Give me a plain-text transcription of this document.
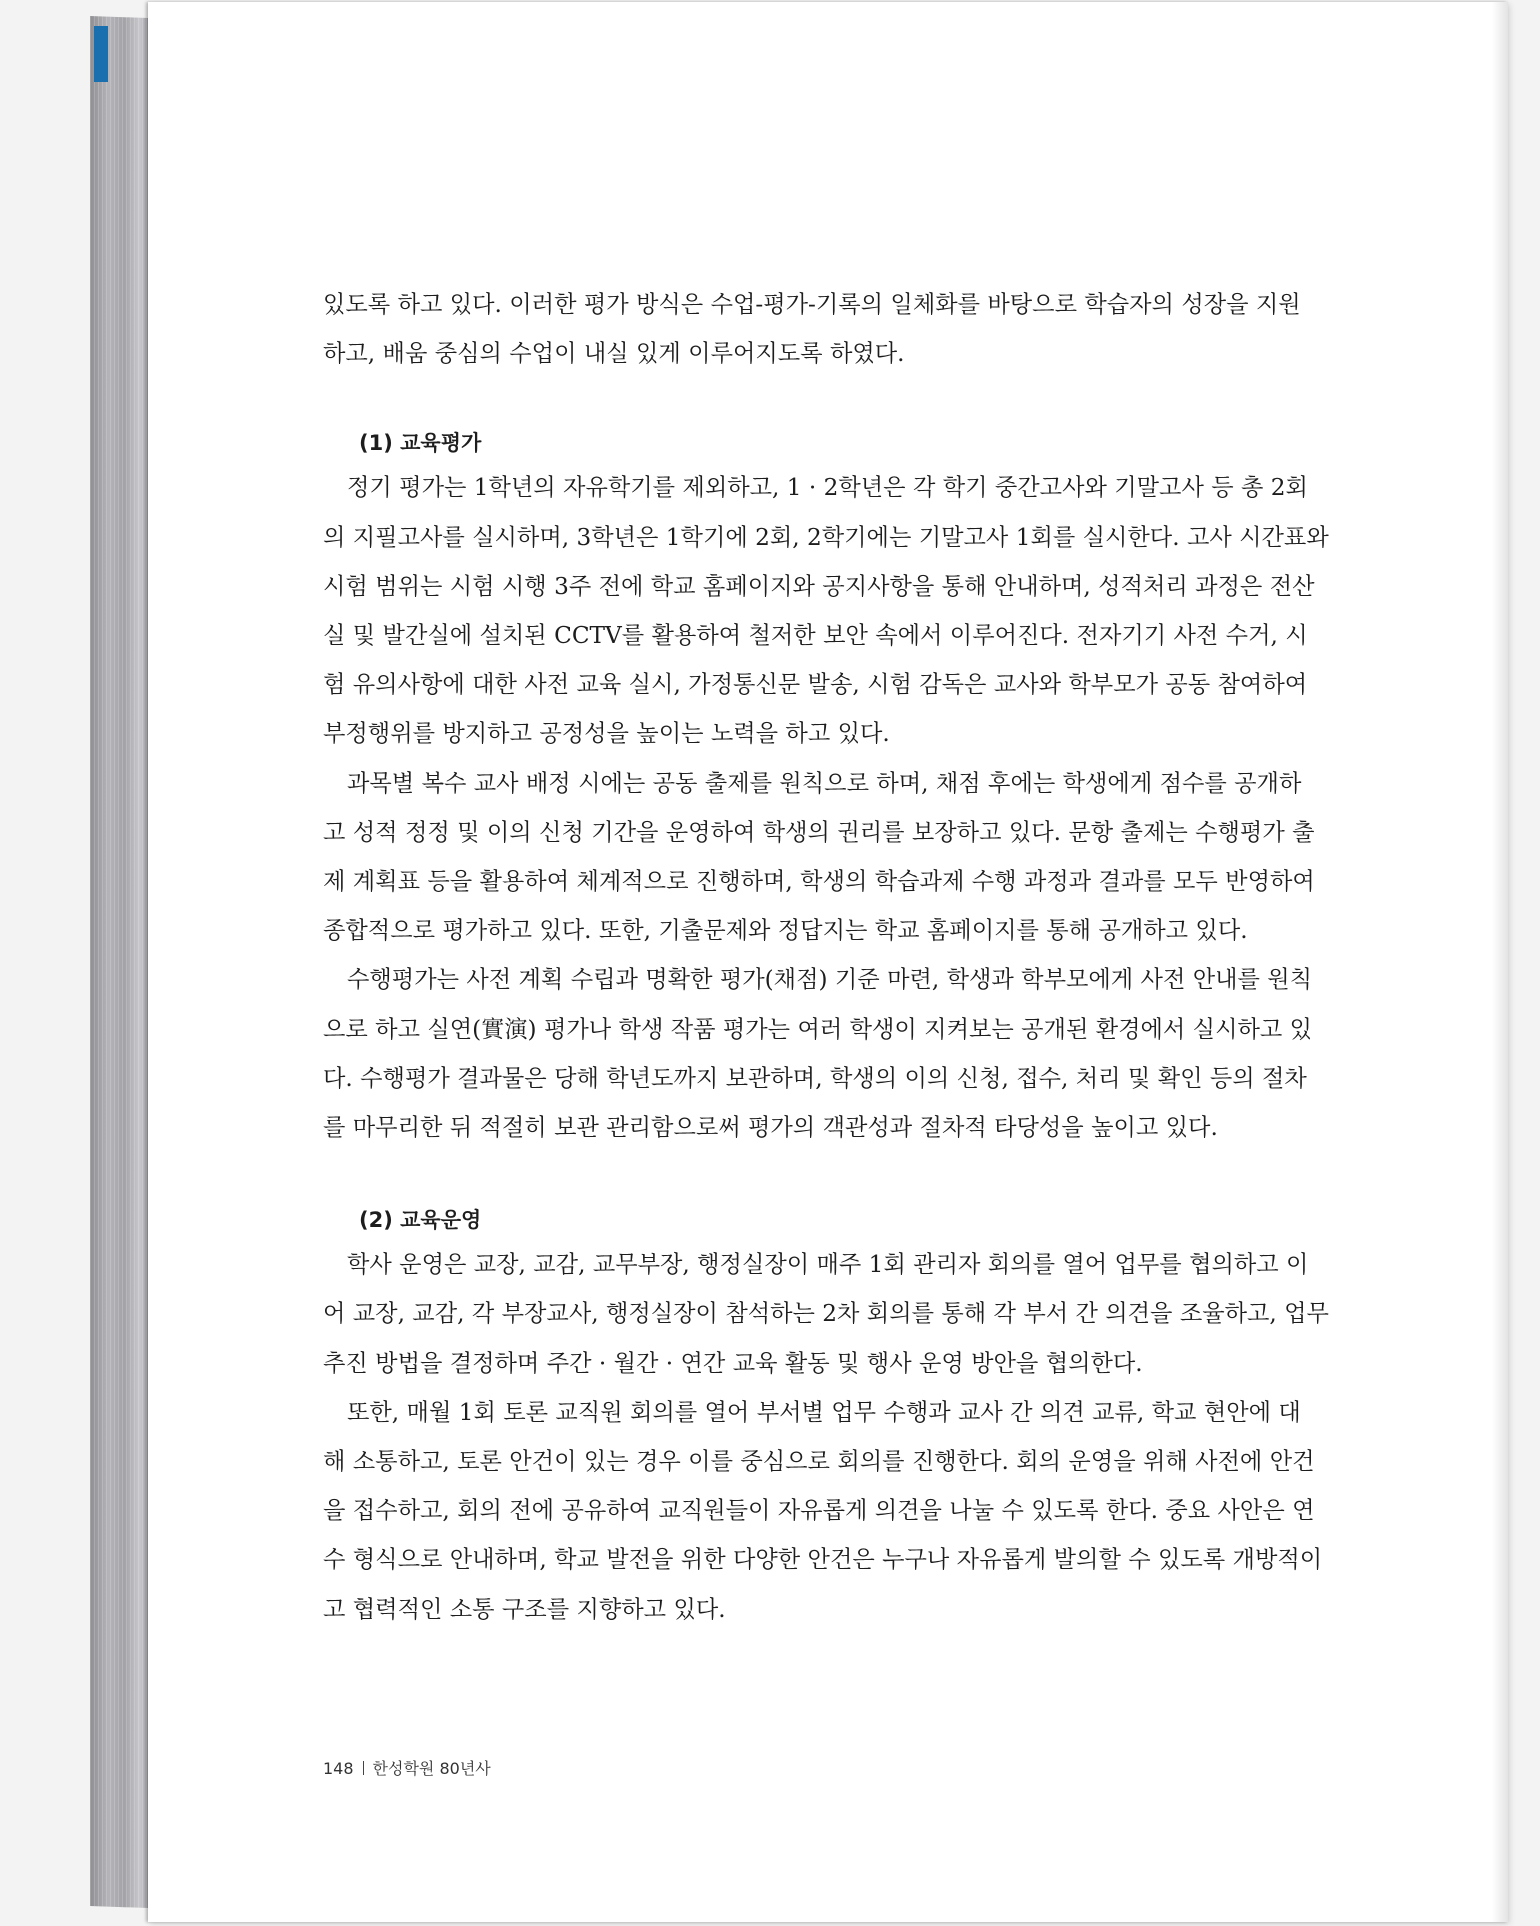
있도록 하고 있다. 이러한 평가 방식은 수업-평가-기록의 일체화를 바탕으로 학습자의 성장을 지원
하고, 배움 중심의 수업이 내실 있게 이루어지도록 하였다.

(1) 교육평가

정기 평가는 1학년의 자유학기를 제외하고, 1 · 2학년은 각 학기 중간고사와 기말고사 등 총 2회
의 지필고사를 실시하며, 3학년은 1학기에 2회, 2학기에는 기말고사 1회를 실시한다. 고사 시간표와
시험 범위는 시험 시행 3주 전에 학교 홈페이지와 공지사항을 통해 안내하며, 성적처리 과정은 전산
실 및 발간실에 설치된 CCTV를 활용하여 철저한 보안 속에서 이루어진다. 전자기기 사전 수거, 시
험 유의사항에 대한 사전 교육 실시, 가정통신문 발송, 시험 감독은 교사와 학부모가 공동 참여하여
부정행위를 방지하고 공정성을 높이는 노력을 하고 있다.

과목별 복수 교사 배정 시에는 공동 출제를 원칙으로 하며, 채점 후에는 학생에게 점수를 공개하
고 성적 정정 및 이의 신청 기간을 운영하여 학생의 권리를 보장하고 있다. 문항 출제는 수행평가 출
제 계획표 등을 활용하여 체계적으로 진행하며, 학생의 학습과제 수행 과정과 결과를 모두 반영하여
종합적으로 평가하고 있다. 또한, 기출문제와 정답지는 학교 홈페이지를 통해 공개하고 있다.

수행평가는 사전 계획 수립과 명확한 평가(채점) 기준 마련, 학생과 학부모에게 사전 안내를 원칙
으로 하고 실연(實演) 평가나 학생 작품 평가는 여러 학생이 지켜보는 공개된 환경에서 실시하고 있
다. 수행평가 결과물은 당해 학년도까지 보관하며, 학생의 이의 신청, 접수, 처리 및 확인 등의 절차
를 마무리한 뒤 적절히 보관 관리함으로써 평가의 객관성과 절차적 타당성을 높이고 있다.

(2) 교육운영

학사 운영은 교장, 교감, 교무부장, 행정실장이 매주 1회 관리자 회의를 열어 업무를 협의하고 이
어 교장, 교감, 각 부장교사, 행정실장이 참석하는 2차 회의를 통해 각 부서 간 의견을 조율하고, 업무
추진 방법을 결정하며 주간 · 월간 · 연간 교육 활동 및 행사 운영 방안을 협의한다.

또한, 매월 1회 토론 교직원 회의를 열어 부서별 업무 수행과 교사 간 의견 교류, 학교 현안에 대
해 소통하고, 토론 안건이 있는 경우 이를 중심으로 회의를 진행한다. 회의 운영을 위해 사전에 안건
을 접수하고, 회의 전에 공유하여 교직원들이 자유롭게 의견을 나눌 수 있도록 한다. 중요 사안은 연
수 형식으로 안내하며, 학교 발전을 위한 다양한 안건은 누구나 자유롭게 발의할 수 있도록 개방적이
고 협력적인 소통 구조를 지향하고 있다.

148 한성학원 80년사
